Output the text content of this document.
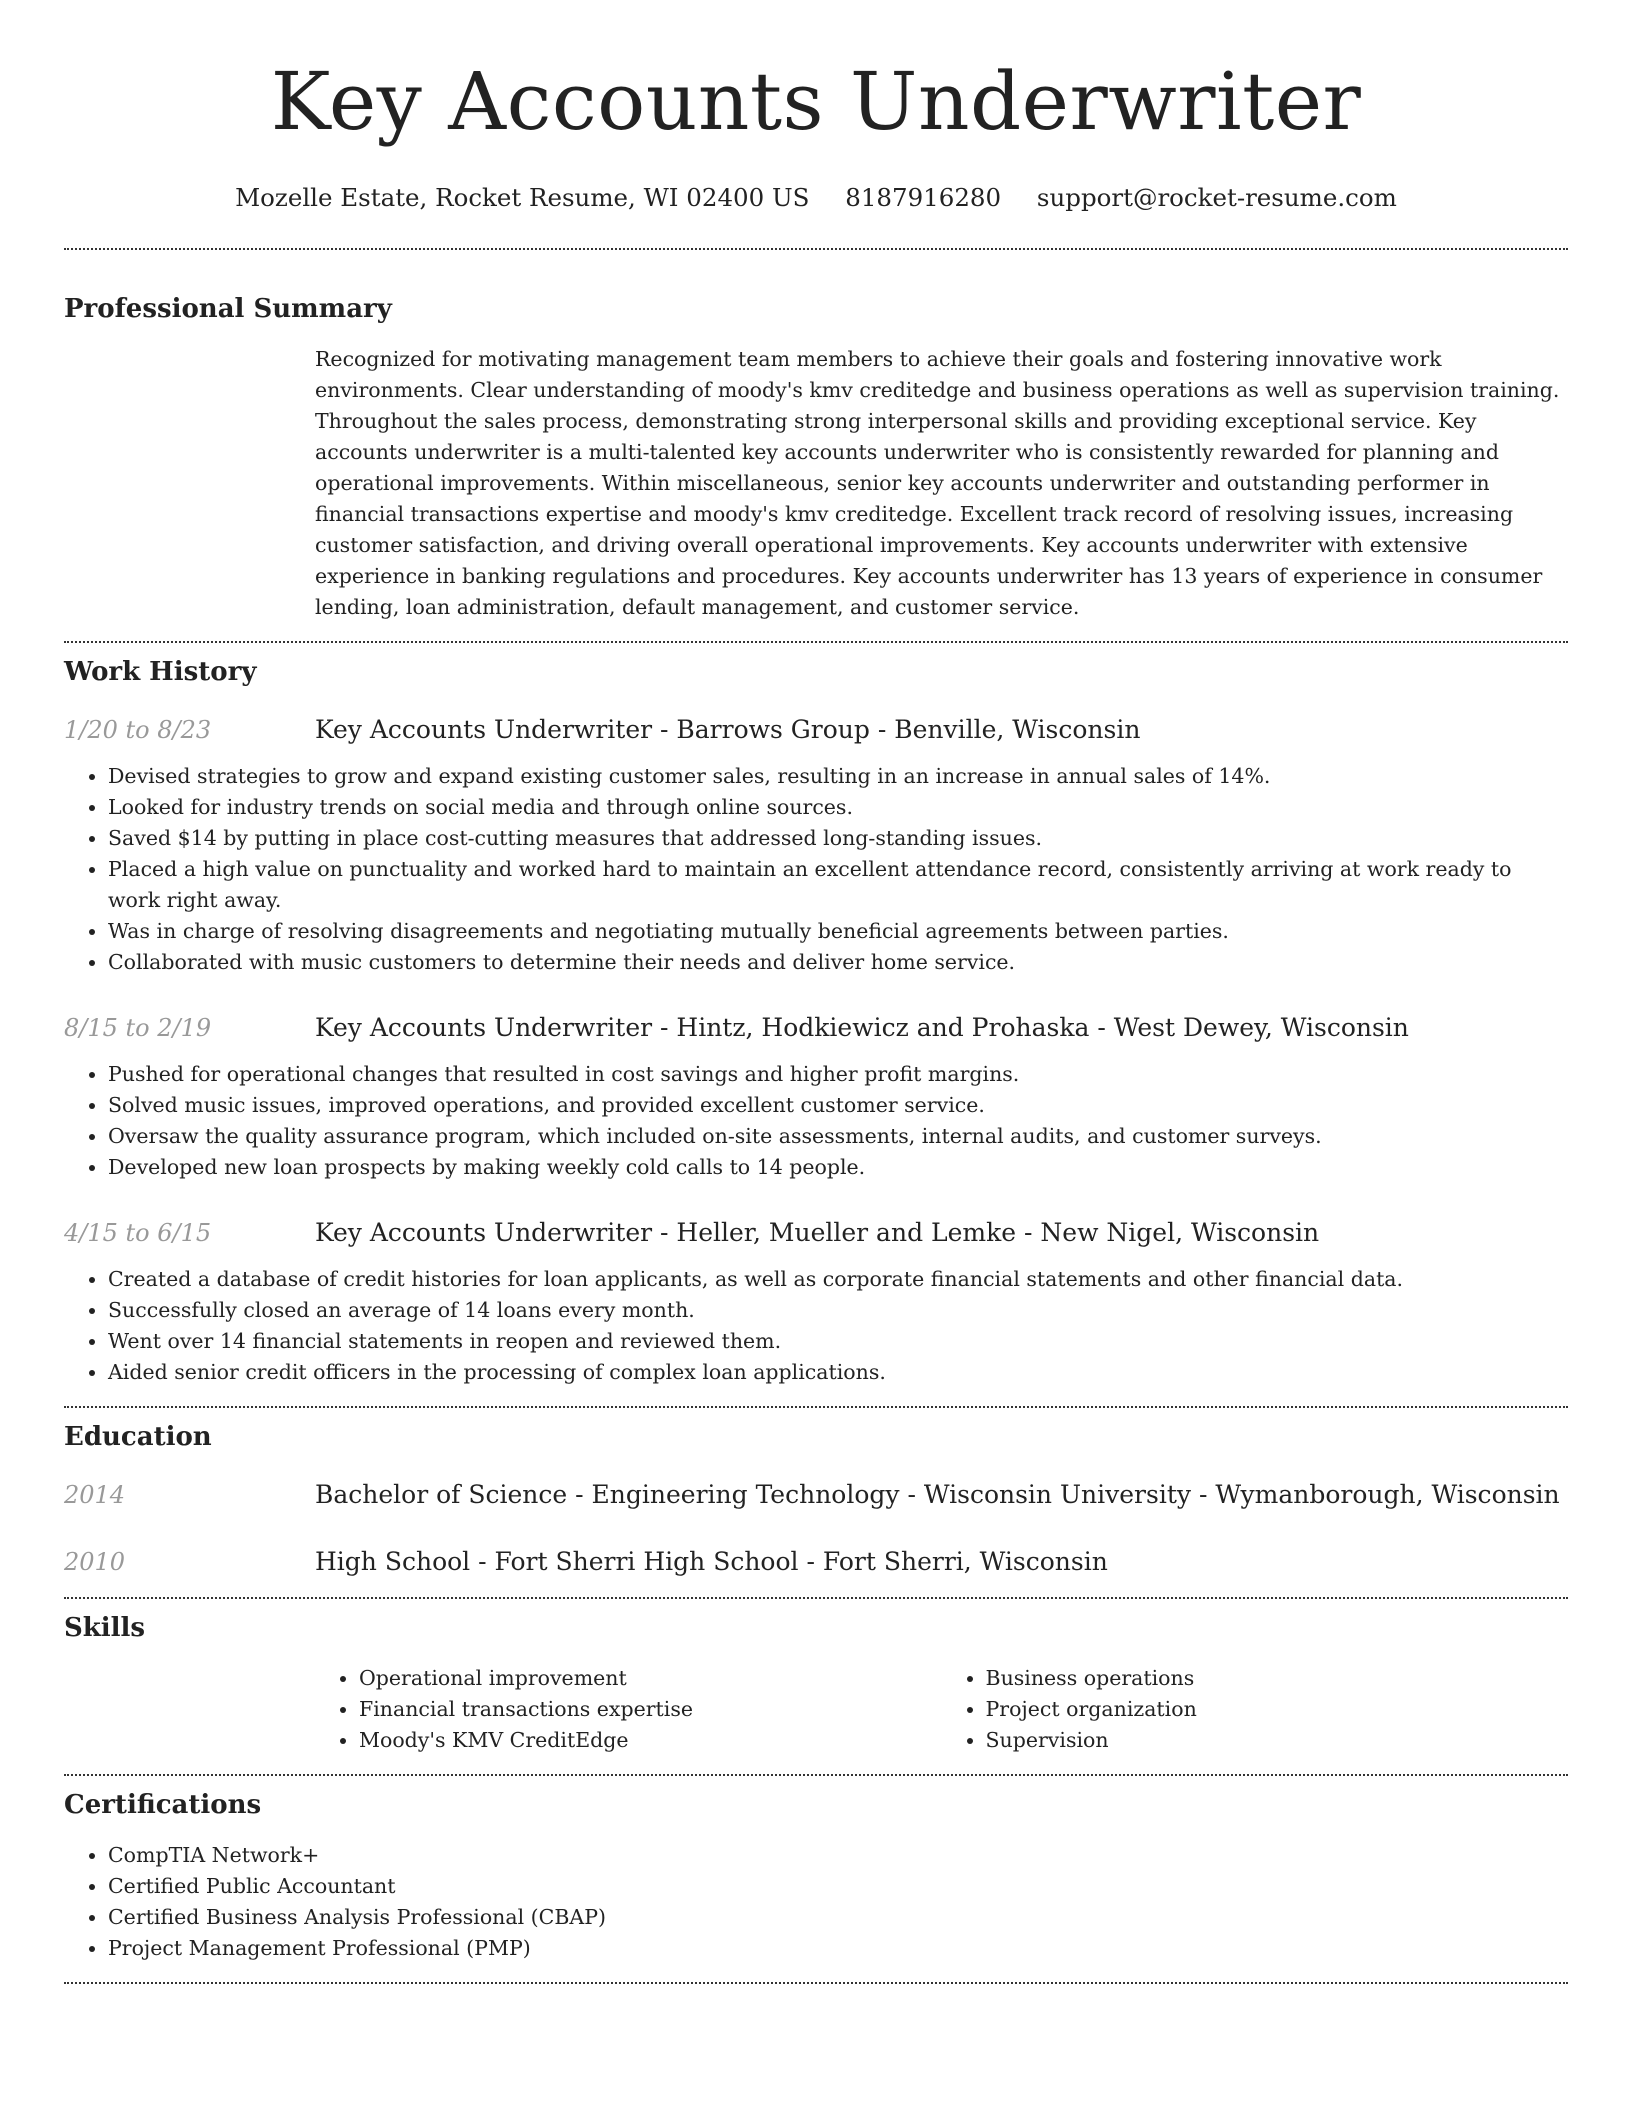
Key Accounts Underwriter
Mozelle Estate, Rocket Resume, WI 02400 US 8187916280 support@rocket-resume.com
Professional Summary
Recognized for motivating management team members to achieve their goals and fostering innovative work environments. Clear understanding of moody's kmv creditedge and business operations as well as supervision training. Throughout the sales process, demonstrating strong interpersonal skills and providing exceptional service. Key accounts underwriter is a multi-talented key accounts underwriter who is consistently rewarded for planning and operational improvements. Within miscellaneous, senior key accounts underwriter and outstanding performer in financial transactions expertise and moody's kmv creditedge. Excellent track record of resolving issues, increasing customer satisfaction, and driving overall operational improvements. Key accounts underwriter with extensive experience in banking regulations and procedures. Key accounts underwriter has 13 years of experience in consumer lending, loan administration, default management, and customer service.
Work History
1/20 to 8/23	Key Accounts Underwriter - Barrows Group - Benville, Wisconsin
• Devised strategies to grow and expand existing customer sales, resulting in an increase in annual sales of 14%.
• Looked for industry trends on social media and through online sources.
• Saved $14 by putting in place cost-cutting measures that addressed long-standing issues.
• Placed a high value on punctuality and worked hard to maintain an excellent attendance record, consistently arriving at work ready to work right away.
• Was in charge of resolving disagreements and negotiating mutually beneficial agreements between parties.
• Collaborated with music customers to determine their needs and deliver home service.
8/15 to 2/19	Key Accounts Underwriter - Hintz, Hodkiewicz and Prohaska - West Dewey, Wisconsin
• Pushed for operational changes that resulted in cost savings and higher profit margins.
• Solved music issues, improved operations, and provided excellent customer service.
• Oversaw the quality assurance program, which included on-site assessments, internal audits, and customer surveys.
• Developed new loan prospects by making weekly cold calls to 14 people.
4/15 to 6/15	Key Accounts Underwriter - Heller, Mueller and Lemke - New Nigel, Wisconsin
• Created a database of credit histories for loan applicants, as well as corporate financial statements and other financial data.
• Successfully closed an average of 14 loans every month.
• Went over 14 financial statements in reopen and reviewed them.
• Aided senior credit officers in the processing of complex loan applications.
Education
2014	Bachelor of Science - Engineering Technology - Wisconsin University - Wymanborough, Wisconsin
2010	High School - Fort Sherri High School - Fort Sherri, Wisconsin
Skills
• Operational improvement
• Financial transactions expertise
• Moody's KMV CreditEdge
• Business operations
• Project organization
• Supervision
Certifications
• CompTIA Network+
• Certified Public Accountant
• Certified Business Analysis Professional (CBAP)
• Project Management Professional (PMP)
